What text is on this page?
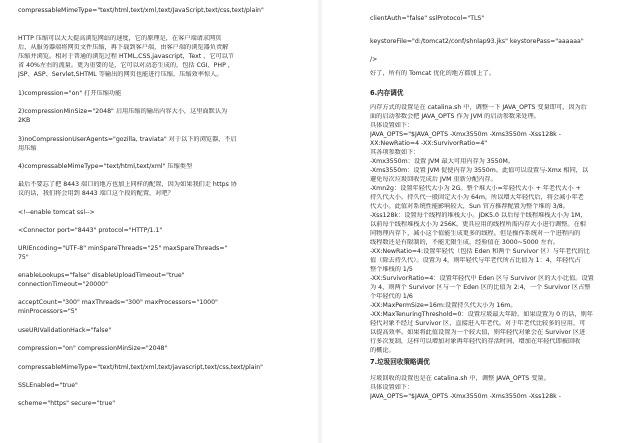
compressableMimeType="text/html,text/xml,text/JavaScript,text/css,text/plain"
HTTP 压缩可以大大提高浏览网站的速度，它的原理是，在客户端请求网页
后，从服务器端将网页文件压缩，再下载到客户端，由客户端的浏览器负责解
压缩并浏览。相对于普通的浏览过程 HTML,CSS,javascript，Text ，它可以节
省 40%左右的流量。更为重要的是，它可以对动态生成的，包括 CGI、PHP ，
JSP、ASP、Servlet,SHTML 等输出的网页也能进行压缩，压缩效率惊人。
1)compression="on" 打开压缩功能
2)compressionMinSize="2048" 启用压缩的输出内容大小，这里面默认为
2KB
3)noCompressionUserAgents="gozilla, traviata" 对于以下的浏览器，不启
用压缩
4)compressableMimeType="text/html,text/xml" 压缩类型
最后不要忘了把 8443 端口的地方也加上同样的配置，因为如果我们走 https 协
议的话，我们将会用到 8443 端口这个段的配置，对吧？
<!--enable tomcat ssl-->
<Connector port="8443" protocol="HTTP/1.1"
URIEncoding="UTF-8" minSpareThreads="25" maxSpareThreads="
75"
enableLookups="false" disableUploadTimeout="true"
connectionTimeout="20000"
acceptCount="300" maxThreads="300" maxProcessors="1000"
minProcessors="5"
useURIValidationHack="false"
compression="on" compressionMinSize="2048"
compressableMimeType="text/html,text/xml,text/javascript,text/css,text/plain"
SSLEnabled="true"
scheme="https" secure="true"
clientAuth="false" sslProtocol="TLS"
keystoreFile="d:/tomcat2/conf/shnlap93.jks" keystorePass="aaaaaa"
/>
好了，所有的 Tomcat 优化的地方都加上了。
6.内存调优
内存方式的设置是在 catalina.sh 中，调整一下 JAVA_OPTS 变量即可，因为后
面的启动参数会把 JAVA_OPTS 作为 JVM 的启动参数来处理。
具体设置如下：
JAVA_OPTS="$JAVA_OPTS -Xmx3550m -Xms3550m -Xss128k -
XX:NewRatio=4 -XX:SurvivorRatio=4"
其各项参数如下：
-Xmx3550m：设置 JVM 最大可用内存为 3550M。
-Xms3550m：设置 JVM 促使内存为 3550m。此值可以设置与-Xmx 相同，以
避免每次垃圾回收完成后 JVM 重新分配内存。
-Xmn2g：设置年轻代大小为 2G。整个堆大小=年轻代大小 + 年老代大小 +
持久代大小。持久代一般固定大小为 64m，所以增大年轻代后，将会减小年老
代大小。此值对系统性能影响较大，Sun 官方推荐配置为整个堆的 3/8。
-Xss128k：设置每个线程的堆栈大小。JDK5.0 以后每个线程堆栈大小为 1M，
以前每个线程堆栈大小为 256K。更具应用的线程所需内存大小进行调整。在相
同物理内存下，减小这个值能生成更多的线程。但是操作系统对一个进程内的
线程数还是有限制的，不能无限生成，经验值在 3000~5000 左右。
-XX:NewRatio=4:设置年轻代（包括 Eden 和两个 Survivor 区）与年老代的比
值（除去持久代）。设置为 4，则年轻代与年老代所占比值为 1：4，年轻代占
整个堆栈的 1/5
-XX:SurvivorRatio=4：设置年轻代中 Eden 区与 Survivor 区的大小比值。设置
为 4，则两个 Survivor 区与一个 Eden 区的比值为 2:4，一个 Survivor 区占整
个年轻代的 1/6
-XX:MaxPermSize=16m:设置持久代大小为 16m。
-XX:MaxTenuringThreshold=0：设置垃圾最大年龄。如果设置为 0 的话，则年
轻代对象不经过 Survivor 区，直接进入年老代。对于年老代比较多的应用，可
以提高效率。如果将此值设置为一个较大值，则年轻代对象会在 Survivor 区进
行多次复制，这样可以增加对象再年轻代的存活时间，增加在年轻代即被回收
的概论。
7.垃圾回收策略调优
垃圾回收的设置也是在 catalina.sh 中，调整 JAVA_OPTS 变量。
具体设置如下：
JAVA_OPTS="$JAVA_OPTS -Xmx3550m -Xms3550m -Xss128k -
